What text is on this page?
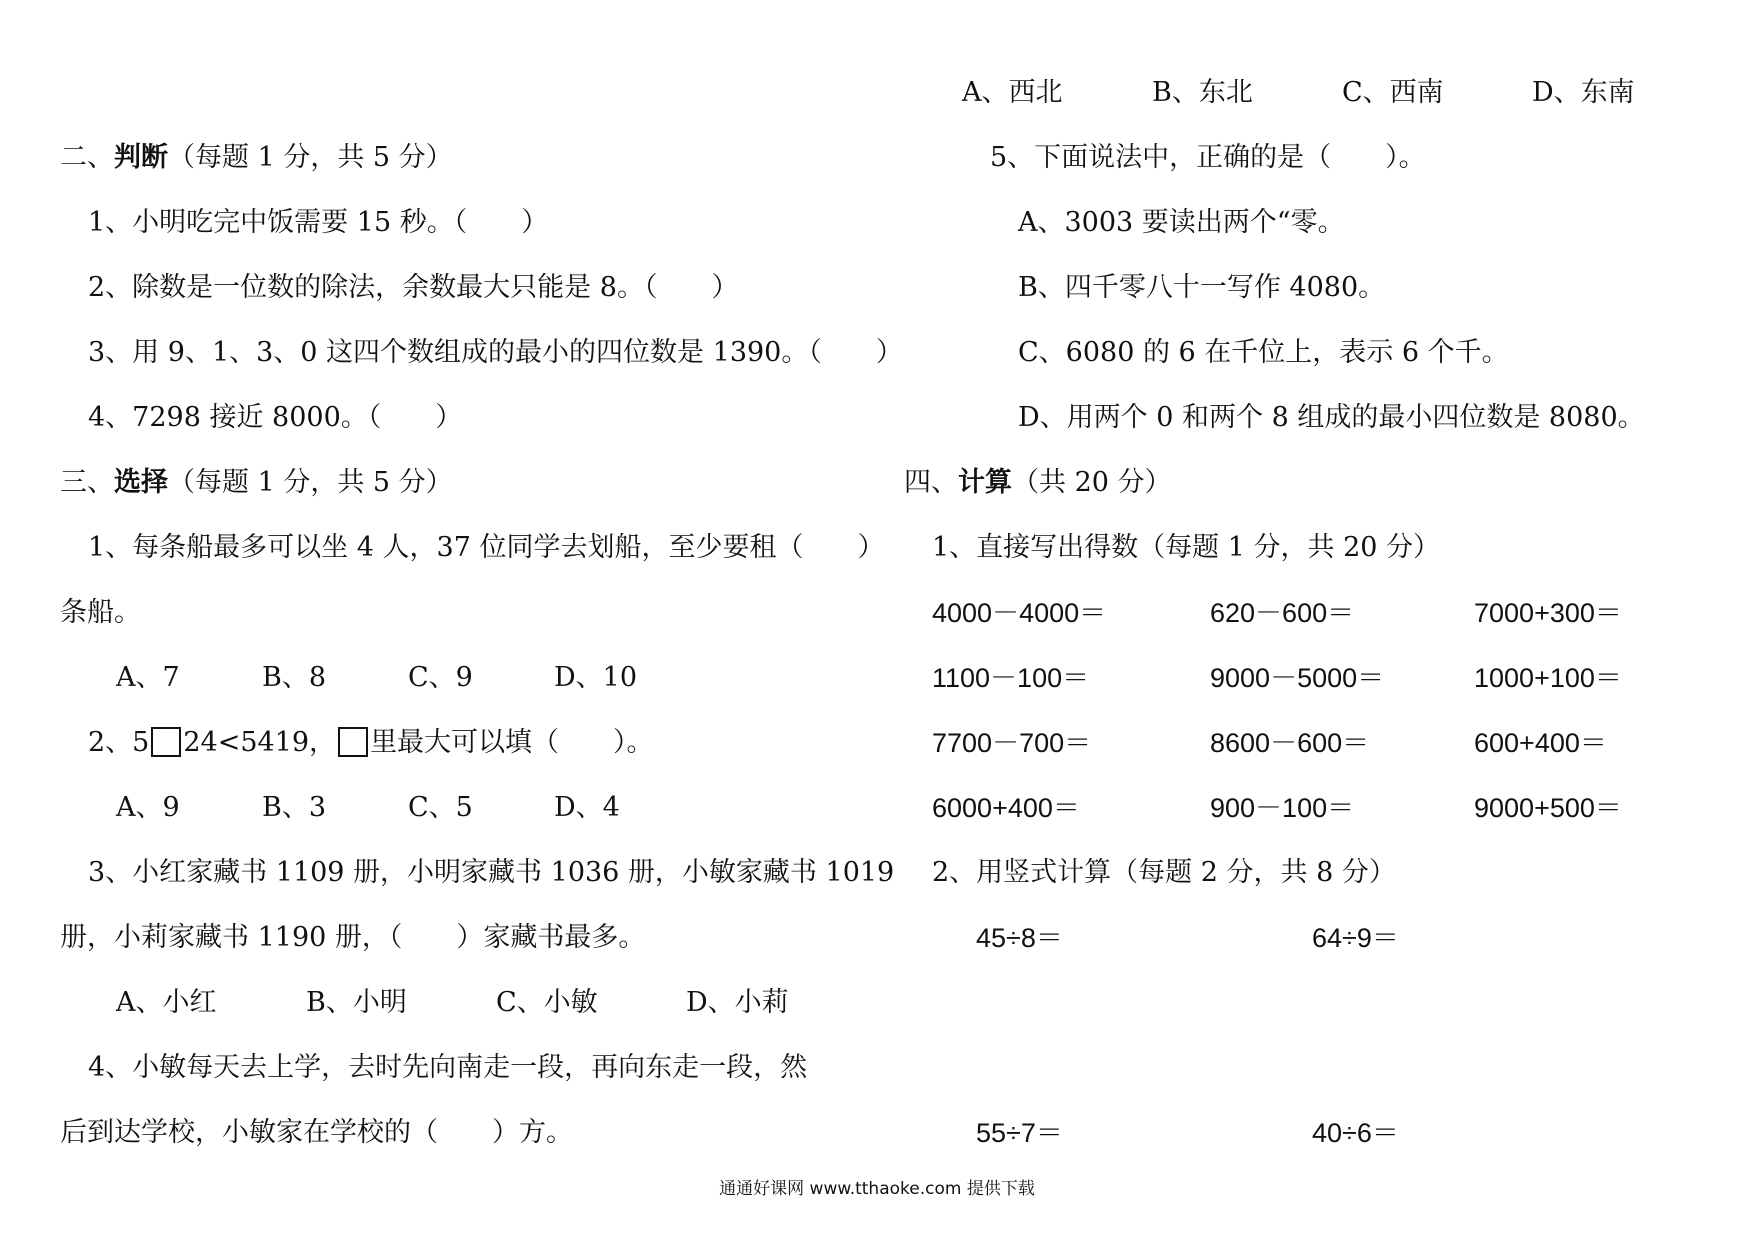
二、判断（每题 1 分，共 5 分）
1、小明吃完中饭需要 15 秒。（　　）
2、除数是一位数的除法，余数最大只能是 8。（　　）
3、用 9、1、3、0 这四个数组成的最小的四位数是 1390。（　　）
4、7298 接近 8000。（　　）
三、选择（每题 1 分，共 5 分）
1、每条船最多可以坐 4 人，37 位同学去划船，至少要租（　　）
条船。
A、7	B、8	C、9	D、10
2、5 24<5419， 里最大可以填（　　）。
A、9	B、3	C、5	D、4
3、小红家藏书 1109 册，小明家藏书 1036 册，小敏家藏书 1019
册，小莉家藏书 1190 册，（　　）家藏书最多。
A、小红	B、小明	C、小敏	D、小莉
4、小敏每天去上学，去时先向南走一段，再向东走一段，然
后到达学校，小敏家在学校的（　　）方。
A、西北	B、东北	C、西南	D、东南
5、下面说法中，正确的是（　　）。
A、3003 要读出两个“零。
B、四千零八十一写作 4080。
C、6080 的 6 在千位上，表示 6 个千。
D、用两个 0 和两个 8 组成的最小四位数是 8080。
四、计算（共 20 分）
1、直接写出得数（每题 1 分，共 20 分）
4000－4000＝	620－600＝	7000+300＝
1100－100＝	9000－5000＝	1000+100＝
7700－700＝	8600－600＝	600+400＝
6000+400＝	900－100＝	9000+500＝
2、用竖式计算（每题 2 分，共 8 分）
45÷8＝	64÷9＝
55÷7＝	40÷6＝
通通好课网 www.tthaoke.com 提供下载
